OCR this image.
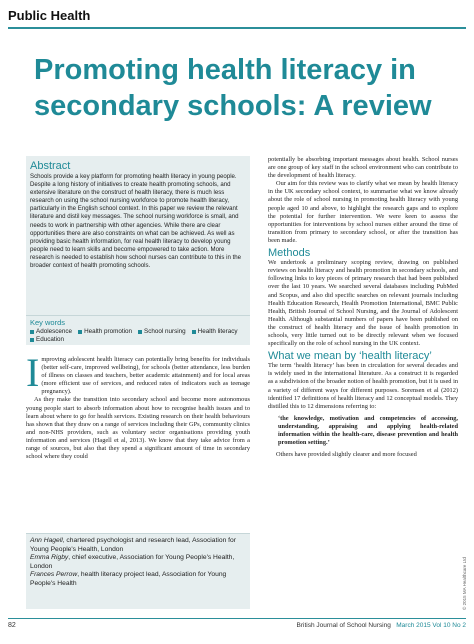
Public Health
Promoting health literacy in secondary schools: A review
Abstract

Schools provide a key platform for promoting health literacy in young people. Despite a long history of initiatives to create health promoting schools, and extensive literature on the construct of health literacy, there is much less research on using the school nursing workforce to promote health literacy, particularly in the English school context. In this paper we review the relevant literature and distil key messages. The school nursing workforce is small, and needs to work in partnership with other agencies. While there are clear opportunities there are also constraints on what can be achieved. As well as providing basic health information, for real health literacy to develop young people need to learn skills and become empowered to take action. More research is needed to establish how school nurses can contribute to this in the broader context of health promoting schools.

Key words
Adolescence Health promotion School nursing Health literacy
Education

Improving adolescent health literacy can potentially bring benefits for individuals (better self-care, improved wellbeing), for schools (better attendance, less burden of illness on classes and teachers, better academic attainment) and for local areas (more efficient use of services, and reduced rates of indicators such as teenage pregnancy).

As they make the transition into secondary school and become more autonomous young people start to absorb information about how to recognise health issues and to learn about where to go for health services. Existing research on their health behaviours has shown that they draw on a range of services including their GPs, community clinics and non-NHS providers, such as voluntary sector organisations providing youth information and services (Hagell et al, 2013). We know that they take advice from a range of sources, but also that they spend a significant amount of time in secondary school where they could

Ann Hagell, chartered psychologist and research lead, Association for Young People's Health, London
Emma Rigby, chief executive, Association for Young People's Health, London
Frances Perrow, health literacy project lead, Association for Young People's Health

potentially be absorbing important messages about health. School nurses are one group of key staff in the school environment who can contribute to the development of health literacy.

Our aim for this review was to clarify what we mean by health literacy in the UK secondary school context, to summarise what we know already about the role of school nursing in promoting health literacy with young people aged 10 and above, to highlight the research gaps and to explore the potential for further intervention. We were keen to assess the opportunities for interventions by school nurses either around the time of transition from primary to secondary school, or after the transition has been made.

Methods

We undertook a preliminary scoping review, drawing on published reviews on health literacy and health promotion in secondary schools, and following links to key pieces of primary research that had been published over the last 10 years. We searched several databases including PubMed and Scopus, and also did specific searches on relevant journals including Health Education Research, Health Promotion International, BMC Public Health, British Journal of School Nursing, and the Journal of Adolescent Health. Although substantial numbers of papers have been published on the construct of health literacy and the issue of health promotion in schools, very little turned out to be directly relevant when we focused specifically on the role of school nursing in the UK context.

What we mean by ‘health literacy’

The term ‘health literacy’ has been in circulation for several decades and is widely used in the international literature. As a construct it is regarded as a subdivision of the broader notion of health promotion, but it is used in a variety of different ways for different purposes. Sorensen et al (2012) identified 17 definitions of health literacy and 12 conceptual models. They distilled this to 12 dimensions referring to:

‘the knowledge, motivation and competencies of accessing, understanding, appraising and applying health-related information within the health-care, disease prevention and health promotion setting.’

Others have provided slightly clearer and more focused

© 2015 MA Healthcare Ltd
82	British Journal of School Nursing March 2015 Vol 10 No 2
